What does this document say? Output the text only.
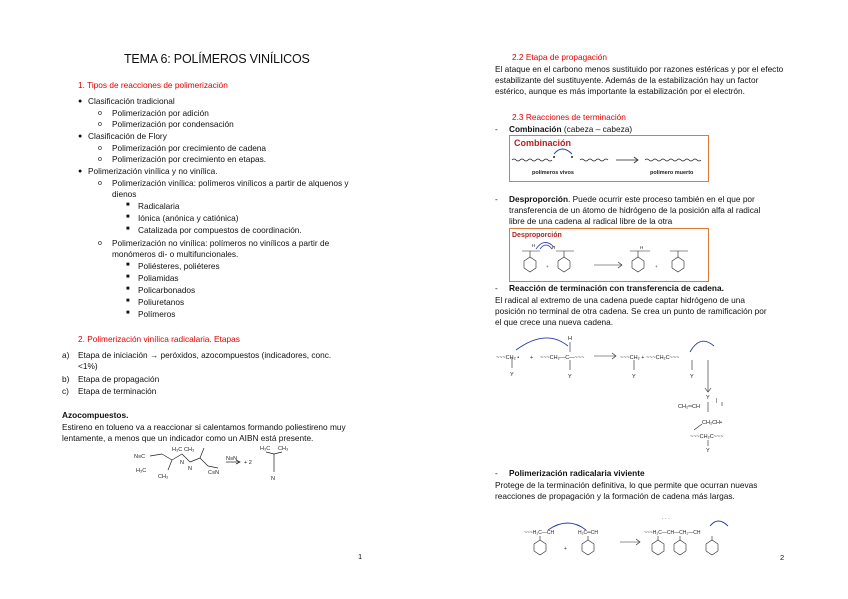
TEMA 6: POLÍMEROS VINÍLICOS
1. Tipos de reacciones de polimerización
● Clasificación tradicional
o Polimerización por adición
o Polimerización por condensación
● Clasificación de Flory
o Polimerización por crecimiento de cadena
o Polimerización por crecimiento en etapas.
● Polimerización vinílica y no vinílica.
o Polimerización vinílica: polímeros vinílicos a partir de alquenos y
dienos
■ Radicalaria
■ Iónica (anónica y catiónica)
■ Catalizada por compuestos de coordinación.
o Polimerización no vinílica: polímeros no vinílicos a partir de
monómeros di- o multifuncionales.
■ Poliésteres, poliéteres
■ Poliamidas
■ Policarbonados
■ Poliuretanos
■ Polímeros
2. Polimerización vinílica radicalaria. Etapas
a) Etapa de iniciación → peróxidos, azocompuestos (indicadores, conc.
<1%)
b) Etapa de propagación
c) Etapa de terminación
Azocompuestos.
Estireno en tolueno va a reaccionar si calentamos formando poliestireno muy
lentamente, a menos que un indicador como un AIBN está presente.
N≡C
H₃C CH₃
H₃C
CH₃
N
N
C≡N
N≡N
+ 2
H₃C CH₃
N
1
2.2 Etapa de propagación
El ataque en el carbono menos sustituido por razones estéricas y por el efecto
estabilizante del sustituyente. Además de la estabilización hay un factor
estérico, aunque es más importante la estabilización por el electrón.
2.3 Reacciones de terminación
- Combinación (cabeza – cabeza)
Combinación
polímeros vivos	polímero muerto
- Desproporción. Puede ocurrir este proceso también en el que por
transferencia de un átomo de hidrógeno de la posición alfa al radical
libre de una cadena al radical libre de la otra
Desproporción
H	H
+	+
H
- Reacción de terminación con transferencia de cadena.
El radical al extremo de una cadena puede captar hidrógeno de una
posición no terminal de otra cadena. Se crea un punto de ramificación por
el que crece una nueva cadena.
~~~CH₂ • + ~~~CH₂—C—~~~
H
Y	Y
~~~CH₂ + ~~~CH₂C~~~
Y	Y
Y
CH₂═CH
|
CH₂CH•
~~~CH₂C~~~
Y
- Polimerización radicalaria viviente
Protege de la terminación definitiva, lo que permite que ocurran nuevas
reacciones de propagación y la formación de cadena más largas.
~~~H₂C—CH	H₂C═CH
+
~~~H₂C—CH—CH₂—CH
· · ·
2
